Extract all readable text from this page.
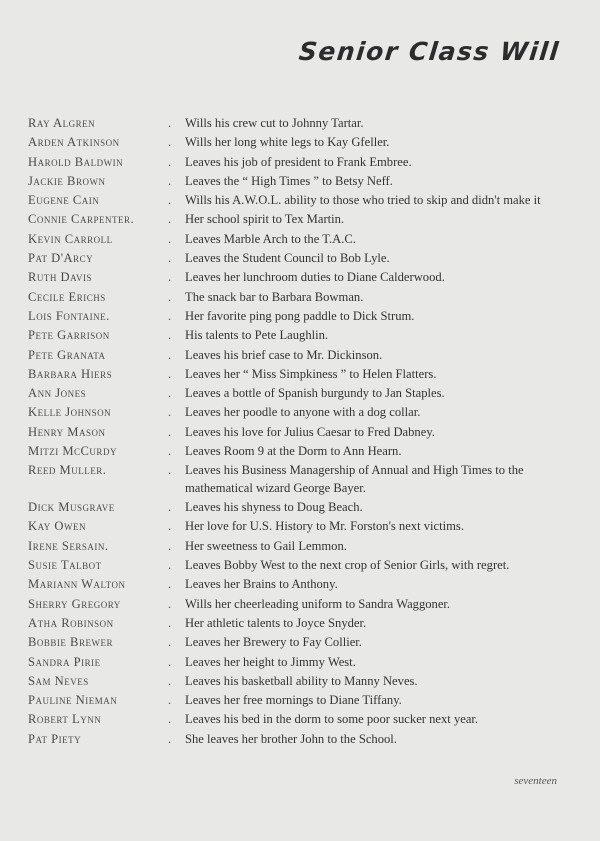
Senior Class Will
Ray Algren	. Wills his crew cut to Johnny Tartar.
Arden Atkinson	. Wills her long white legs to Kay Gfeller.
Harold Baldwin	. Leaves his job of president to Frank Embree.
Jackie Brown	. Leaves the “ High Times ” to Betsy Neff.
Eugene Cain	. Wills his A.W.O.L. ability to those who tried to skip and didn't make it
Connie Carpenter.	. Her school spirit to Tex Martin.
Kevin Carroll	. Leaves Marble Arch to the T.A.C.
Pat D'Arcy	. Leaves the Student Council to Bob Lyle.
Ruth Davis	. Leaves her lunchroom duties to Diane Calderwood.
Cecile Erichs	. The snack bar to Barbara Bowman.
Lois Fontaine.	. Her favorite ping pong paddle to Dick Strum.
Pete Garrison	. His talents to Pete Laughlin.
Pete Granata	. Leaves his brief case to Mr. Dickinson.
Barbara Hiers	. Leaves her “ Miss Simpkiness ” to Helen Flatters.
Ann Jones	. Leaves a bottle of Spanish burgundy to Jan Staples.
Kelle Johnson	. Leaves her poodle to anyone with a dog collar.
Henry Mason	. Leaves his love for Julius Caesar to Fred Dabney.
Mitzi McCurdy	. Leaves Room 9 at the Dorm to Ann Hearn.
Reed Muller.	. Leaves his Business Managership of Annual and High Times to the mathematical wizard George Bayer.
Dick Musgrave	. Leaves his shyness to Doug Beach.
Kay Owen	. Her love for U.S. History to Mr. Forston's next victims.
Irene Sersain.	. Her sweetness to Gail Lemmon.
Susie Talbot	. Leaves Bobby West to the next crop of Senior Girls, with regret.
Mariann Walton	. Leaves her Brains to Anthony.
Sherry Gregory	. Wills her cheerleading uniform to Sandra Waggoner.
Atha Robinson	. Her athletic talents to Joyce Snyder.
Bobbie Brewer	. Leaves her Brewery to Fay Collier.
Sandra Pirie	. Leaves her height to Jimmy West.
Sam Neves	. Leaves his basketball ability to Manny Neves.
Pauline Nieman	. Leaves her free mornings to Diane Tiffany.
Robert Lynn	. Leaves his bed in the dorm to some poor sucker next year.
Pat Piety	. She leaves her brother John to the School.
seventeen
